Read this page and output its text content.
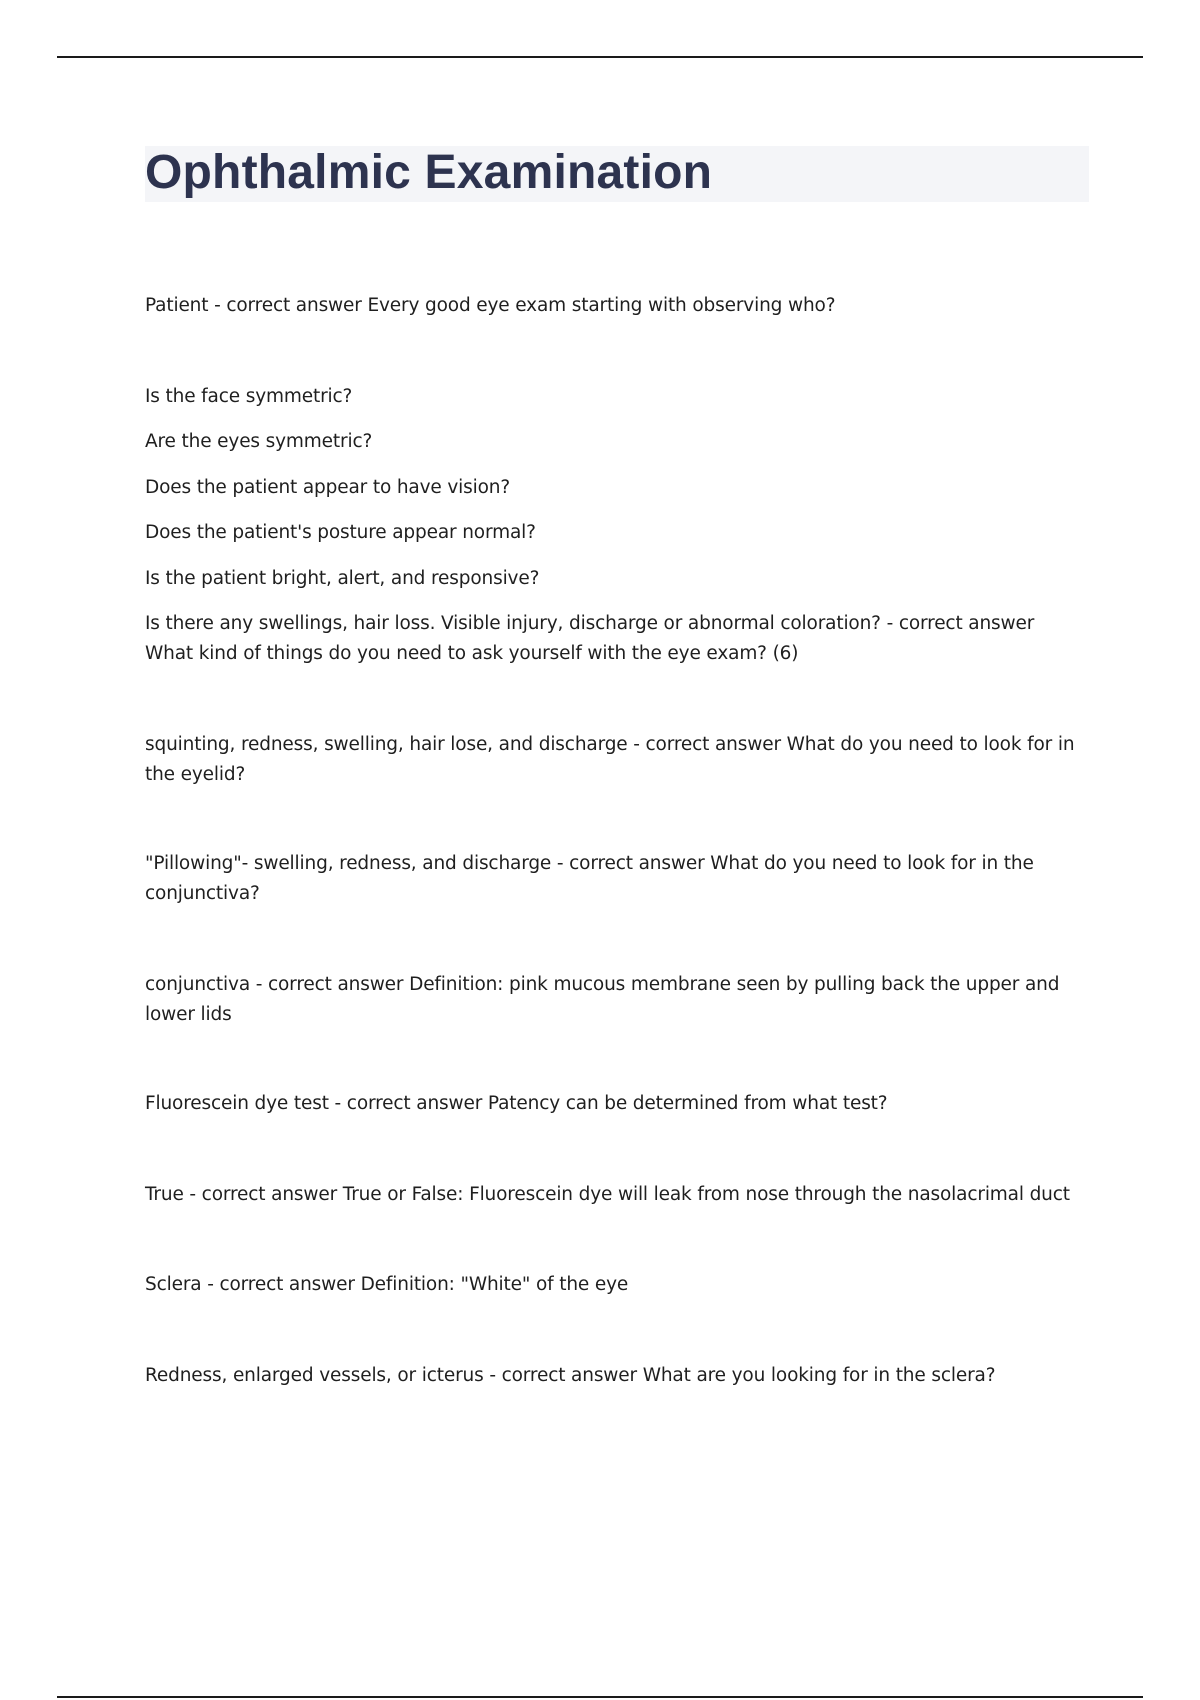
Ophthalmic Examination

Patient - correct answer Every good eye exam starting with observing who?

Is the face symmetric?

Are the eyes symmetric?

Does the patient appear to have vision?

Does the patient's posture appear normal?

Is the patient bright, alert, and responsive?

Is there any swellings, hair loss. Visible injury, discharge or abnormal coloration? - correct answer What kind of things do you need to ask yourself with the eye exam? (6)

squinting, redness, swelling, hair lose, and discharge - correct answer What do you need to look for in the eyelid?

"Pillowing"- swelling, redness, and discharge - correct answer What do you need to look for in the conjunctiva?

conjunctiva - correct answer Definition: pink mucous membrane seen by pulling back the upper and lower lids

Fluorescein dye test - correct answer Patency can be determined from what test?

True - correct answer True or False: Fluorescein dye will leak from nose through the nasolacrimal duct

Sclera - correct answer Definition: "White" of the eye

Redness, enlarged vessels, or icterus - correct answer What are you looking for in the sclera?
